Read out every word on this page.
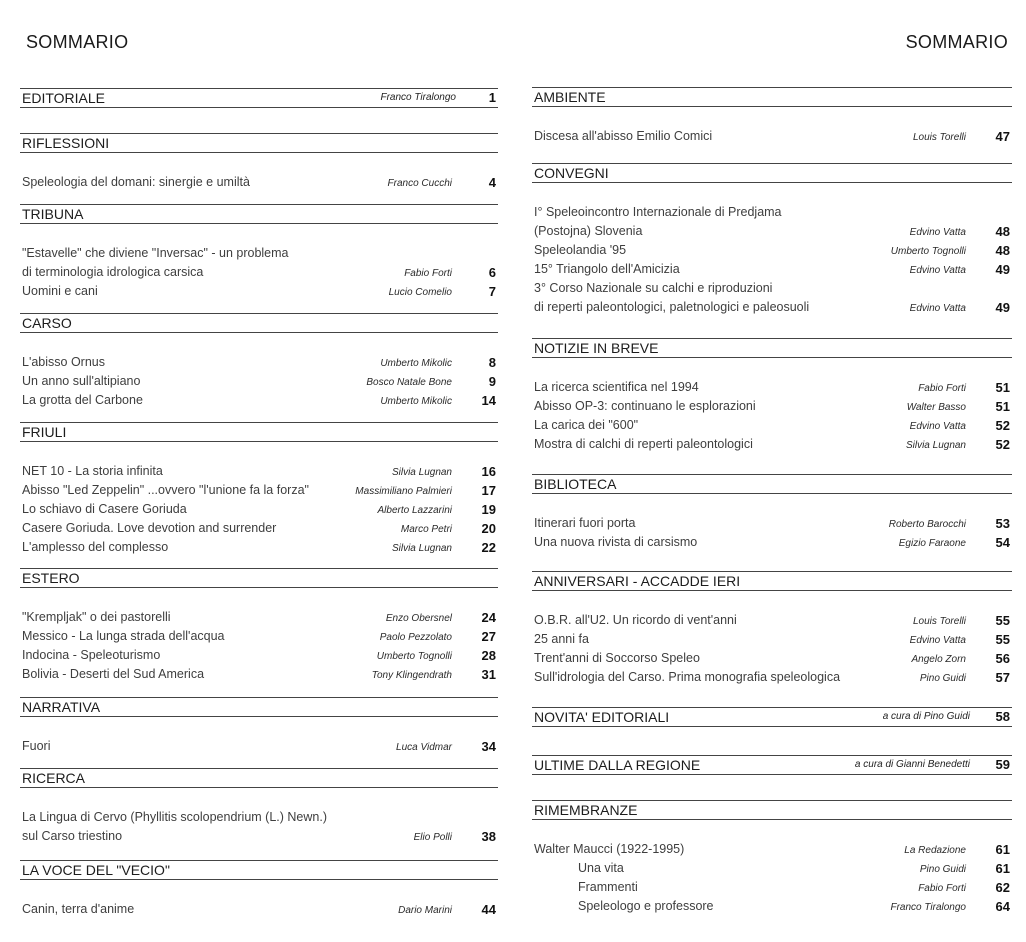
SOMMARIO	SOMMARIO
EDITORIALE	Franco Tiralongo	1
RIFLESSIONI
Speleologia del domani: sinergie e umiltà	Franco Cucchi	4
TRIBUNA
"Estavelle" che diviene "Inversac" - un problema
di terminologia idrologica carsica	Fabio Forti	6
Uomini e cani	Lucio Comelio	7
CARSO
L'abisso Ornus	Umberto Mikolic	8
Un anno sull'altipiano	Bosco Natale Bone	9
La grotta del Carbone	Umberto Mikolic	14
FRIULI
NET 10 - La storia infinita	Silvia Lugnan	16
Abisso "Led Zeppelin" ...ovvero "l'unione fa la forza"	Massimiliano Palmieri	17
Lo schiavo di Casere Goriuda	Alberto Lazzarini	19
Casere Goriuda. Love devotion and surrender	Marco Petri	20
L'amplesso del complesso	Silvia Lugnan	22
ESTERO
"Krempljak" o dei pastorelli	Enzo Obersnel	24
Messico - La lunga strada dell'acqua	Paolo Pezzolato	27
Indocina - Speleoturismo	Umberto Tognolli	28
Bolivia - Deserti del Sud America	Tony Klingendrath	31
NARRATIVA
Fuori	Luca Vidmar	34
RICERCA
La Lingua di Cervo (Phyllitis scolopendrium (L.) Newn.)
sul Carso triestino	Elio Polli	38
LA VOCE DEL "VECIO"
Canin, terra d'anime	Dario Marini	44
AMBIENTE
Discesa all'abisso Emilio Comici	Louis Torelli	47
CONVEGNI
I° Speleoincontro Internazionale di Predjama
(Postojna) Slovenia	Edvino Vatta	48
Speleolandia '95	Umberto Tognolli	48
15° Triangolo dell'Amicizia	Edvino Vatta	49
3° Corso Nazionale su calchi e riproduzioni
di reperti paleontologici, paletnologici e paleosuoli	Edvino Vatta	49
NOTIZIE IN BREVE
La ricerca scientifica nel 1994	Fabio Forti	51
Abisso OP-3: continuano le esplorazioni	Walter Basso	51
La carica dei "600"	Edvino Vatta	52
Mostra di calchi di reperti paleontologici	Silvia Lugnan	52
BIBLIOTECA
Itinerari fuori porta	Roberto Barocchi	53
Una nuova rivista di carsismo	Egizio Faraone	54
ANNIVERSARI - ACCADDE IERI
O.B.R. all'U2. Un ricordo di vent'anni	Louis Torelli	55
25 anni fa	Edvino Vatta	55
Trent'anni di Soccorso Speleo	Angelo Zorn	56
Sull'idrologia del Carso. Prima monografia speleologica	Pino Guidi	57
NOVITA' EDITORIALI	a cura di Pino Guidi	58
ULTIME DALLA REGIONE	a cura di Gianni Benedetti	59
RIMEMBRANZE
Walter Maucci (1922-1995)	La Redazione	61
Una vita	Pino Guidi	61
Frammenti	Fabio Forti	62
Speleologo e professore	Franco Tiralongo	64
